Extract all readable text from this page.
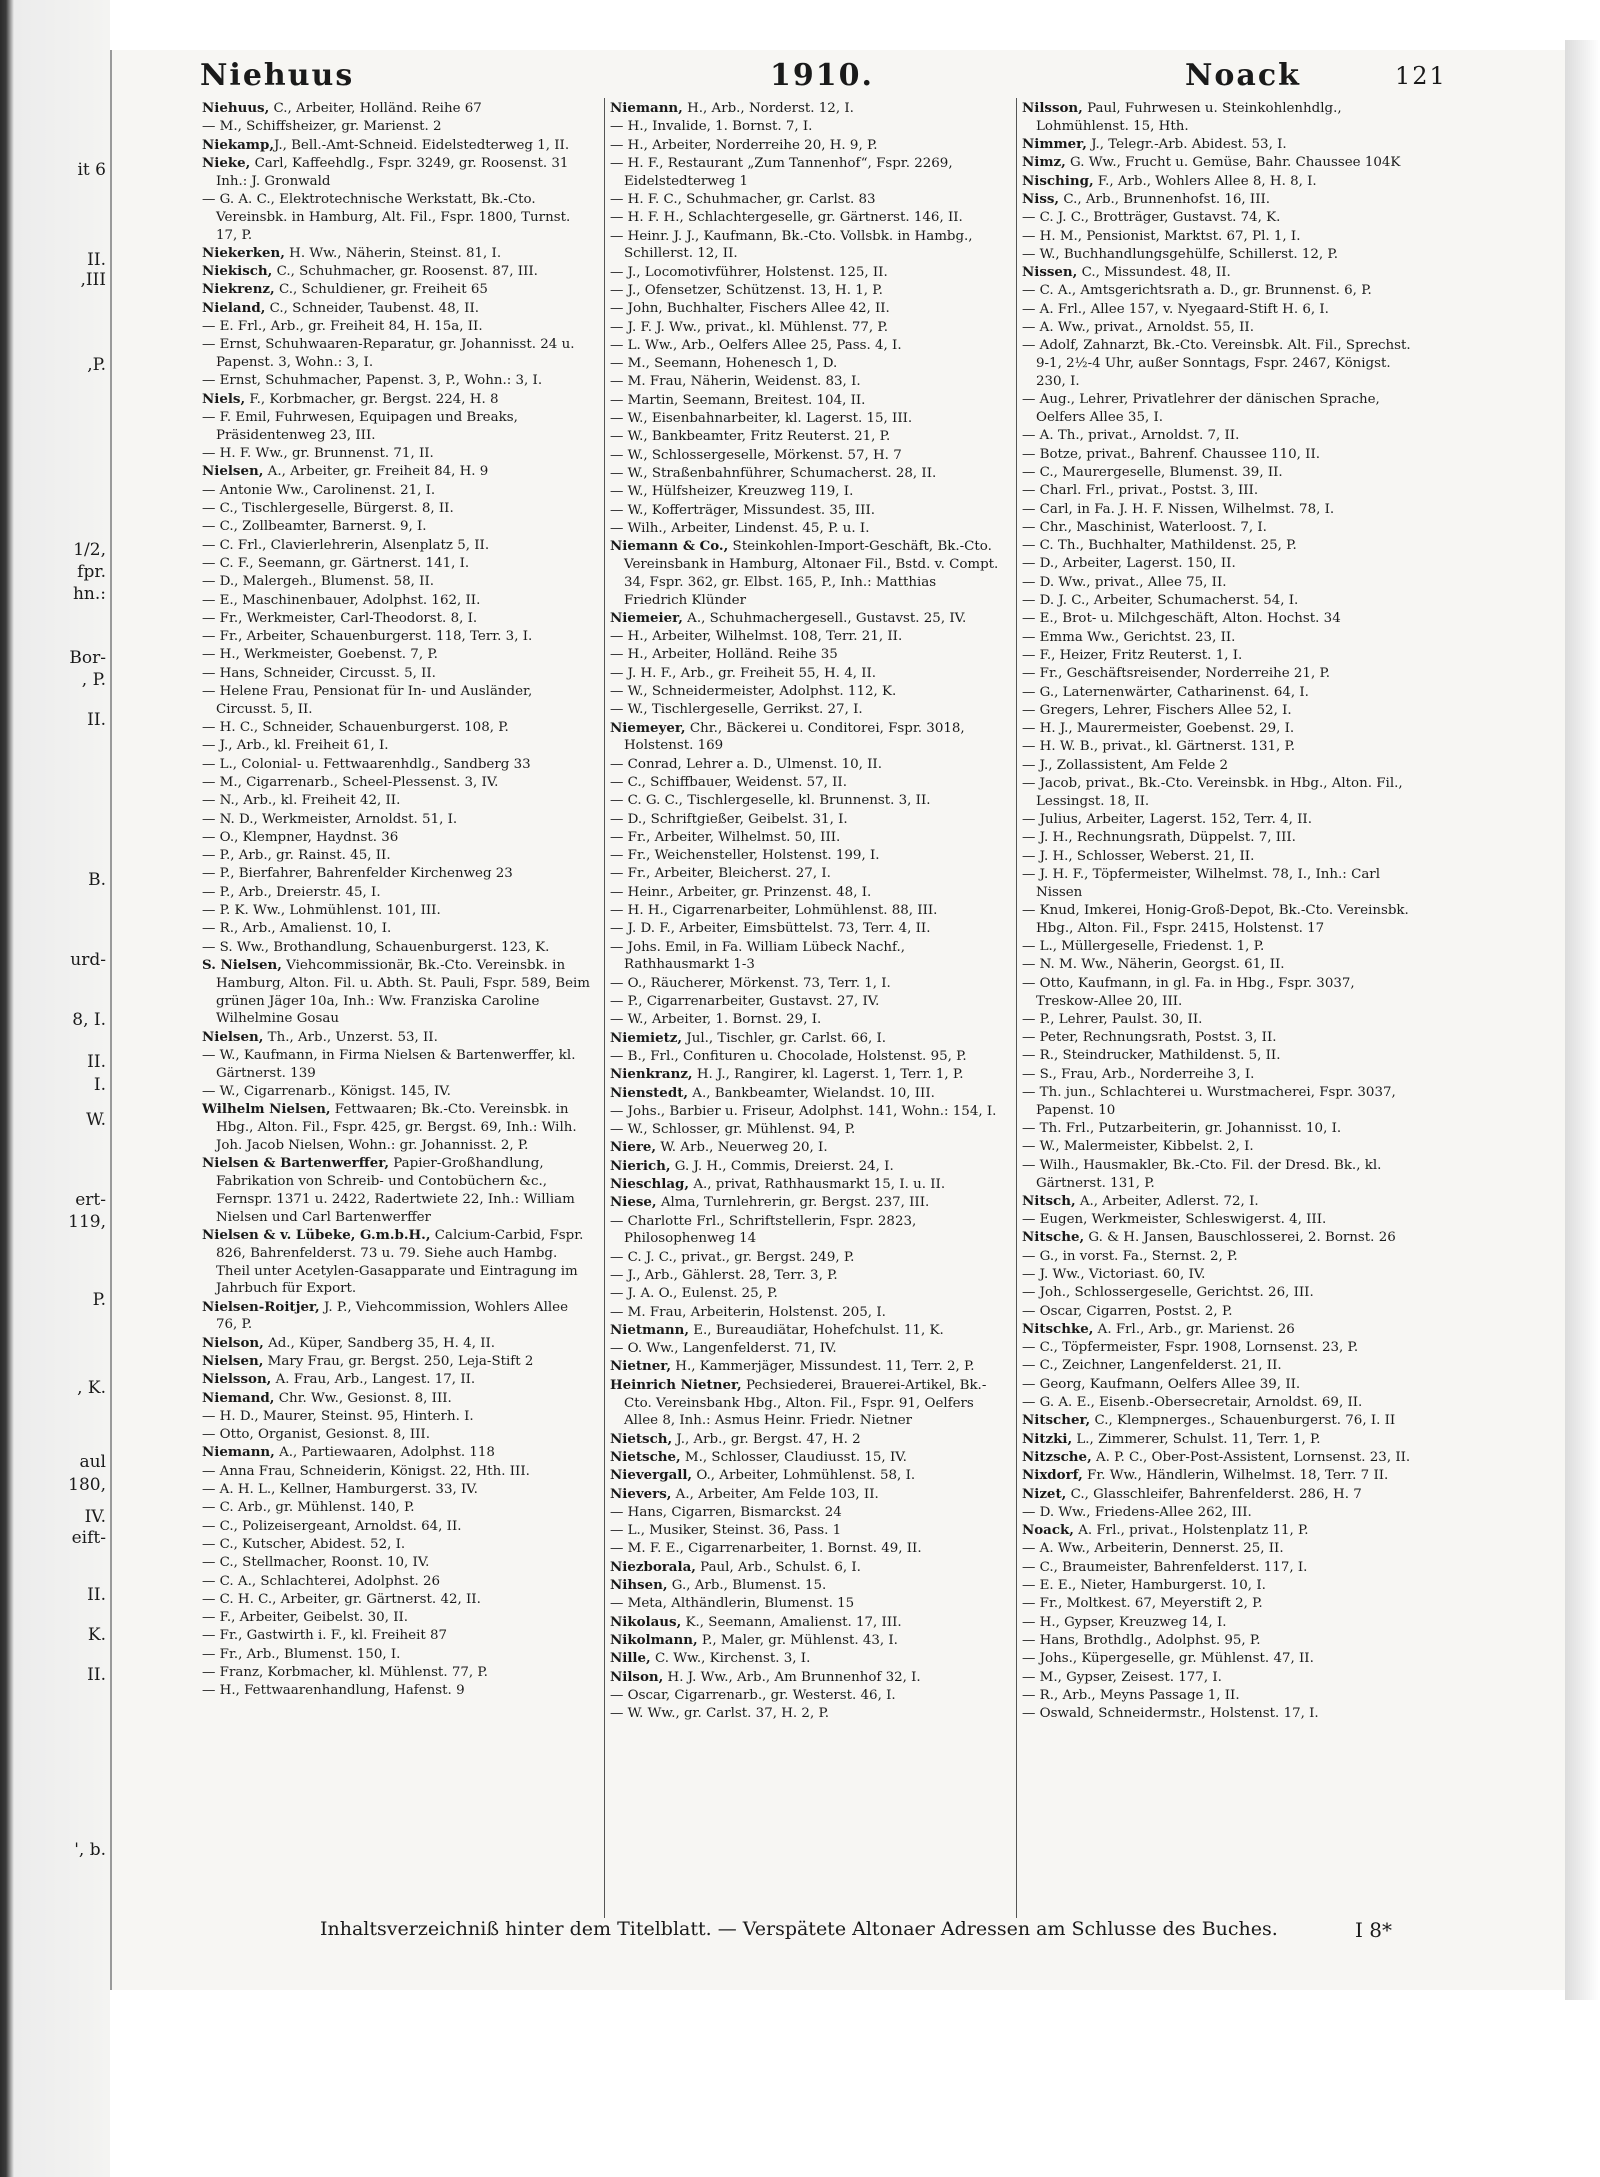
it 6
II.
,III
,P.
1/2,
fpr.
hn.:
Bor-
, P.
II.
B.
urd-
8, I.
II.
I.
W.
ert-
119,
P.
, K.
aul
180,
IV.
eift-
II.
K.
II.
', b.
Niehuus	1910.	Noack	121
Niehuus, C., Arbeiter, Holländ. Reihe 67
— M., Schiffsheizer, gr. Marienst. 2
Niekamp,J., Bell.-Amt-Schneid. Eidelstedterweg 1, II.
Nieke, Carl, Kaffeehdlg., Fspr. 3249, gr. Roosenst. 31 Inh.: J. Gronwald
— G. A. C., Elektrotechnische Werkstatt, Bk.-Cto. Vereinsbk. in Hamburg, Alt. Fil., Fspr. 1800, Turnst. 17, P.
Niekerken, H. Ww., Näherin, Steinst. 81, I.
Niekisch, C., Schuhmacher, gr. Roosenst. 87, III.
Niekrenz, C., Schuldiener, gr. Freiheit 65
Nieland, C., Schneider, Taubenst. 48, II.
— E. Frl., Arb., gr. Freiheit 84, H. 15a, II.
— Ernst, Schuhwaaren-Reparatur, gr. Johannisst. 24 u. Papenst. 3, Wohn.: 3, I.
— Ernst, Schuhmacher, Papenst. 3, P., Wohn.: 3, I.
Niels, F., Korbmacher, gr. Bergst. 224, H. 8
— F. Emil, Fuhrwesen, Equipagen und Breaks, Präsidentenweg 23, III.
— H. F. Ww., gr. Brunnenst. 71, II.
Nielsen, A., Arbeiter, gr. Freiheit 84, H. 9
— Antonie Ww., Carolinenst. 21, I.
— C., Tischlergeselle, Bürgerst. 8, II.
— C., Zollbeamter, Barnerst. 9, I.
— C. Frl., Clavierlehrerin, Alsenplatz 5, II.
— C. F., Seemann, gr. Gärtnerst. 141, I.
— D., Malergeh., Blumenst. 58, II.
— E., Maschinenbauer, Adolphst. 162, II.
— Fr., Werkmeister, Carl-Theodorst. 8, I.
— Fr., Arbeiter, Schauenburgerst. 118, Terr. 3, I.
— H., Werkmeister, Goebenst. 7, P.
— Hans, Schneider, Circusst. 5, II.
— Helene Frau, Pensionat für In- und Ausländer, Circusst. 5, II.
— H. C., Schneider, Schauenburgerst. 108, P.
— J., Arb., kl. Freiheit 61, I.
— L., Colonial- u. Fettwaarenhdlg., Sandberg 33
— M., Cigarrenarb., Scheel-Plessenst. 3, IV.
— N., Arb., kl. Freiheit 42, II.
— N. D., Werkmeister, Arnoldst. 51, I.
— O., Klempner, Haydnst. 36
— P., Arb., gr. Rainst. 45, II.
— P., Bierfahrer, Bahrenfelder Kirchenweg 23
— P., Arb., Dreierstr. 45, I.
— P. K. Ww., Lohmühlenst. 101, III.
— R., Arb., Amalienst. 10, I.
— S. Ww., Brothandlung, Schauenburgerst. 123, K.
S. Nielsen, Viehcommissionär, Bk.-Cto. Vereinsbk. in Hamburg, Alton. Fil. u. Abth. St. Pauli, Fspr. 589, Beim grünen Jäger 10a, Inh.: Ww. Franziska Caroline Wilhelmine Gosau
Nielsen, Th., Arb., Unzerst. 53, II.
— W., Kaufmann, in Firma Nielsen & Bartenwerffer, kl. Gärtnerst. 139
— W., Cigarrenarb., Königst. 145, IV.
Wilhelm Nielsen, Fettwaaren; Bk.-Cto. Vereinsbk. in Hbg., Alton. Fil., Fspr. 425, gr. Bergst. 69, Inh.: Wilh. Joh. Jacob Nielsen, Wohn.: gr. Johannisst. 2, P.
Nielsen & Bartenwerffer, Papier-Großhandlung, Fabrikation von Schreib- und Contobüchern &c., Fernspr. 1371 u. 2422, Radertwiete 22, Inh.: William Nielsen und Carl Bartenwerffer
Nielsen & v. Lübeke, G.m.b.H., Calcium-Carbid, Fspr. 826, Bahrenfelderst. 73 u. 79. Siehe auch Hambg. Theil unter Acetylen-Gasapparate und Eintragung im Jahrbuch für Export.
Nielsen-Roitjer, J. P., Viehcommission, Wohlers Allee 76, P.
Nielson, Ad., Küper, Sandberg 35, H. 4, II.
Nielsen, Mary Frau, gr. Bergst. 250, Leja-Stift 2
Nielsson, A. Frau, Arb., Langest. 17, II.
Niemand, Chr. Ww., Gesionst. 8, III.
— H. D., Maurer, Steinst. 95, Hinterh. I.
— Otto, Organist, Gesionst. 8, III.
Niemann, A., Partiewaaren, Adolphst. 118
— Anna Frau, Schneiderin, Königst. 22, Hth. III.
— A. H. L., Kellner, Hamburgerst. 33, IV.
— C. Arb., gr. Mühlenst. 140, P.
— C., Polizeisergeant, Arnoldst. 64, II.
— C., Kutscher, Abidest. 52, I.
— C., Stellmacher, Roonst. 10, IV.
— C. A., Schlachterei, Adolphst. 26
— C. H. C., Arbeiter, gr. Gärtnerst. 42, II.
— F., Arbeiter, Geibelst. 30, II.
— Fr., Gastwirth i. F., kl. Freiheit 87
— Fr., Arb., Blumenst. 150, I.
— Franz, Korbmacher, kl. Mühlenst. 77, P.
— H., Fettwaarenhandlung, Hafenst. 9
Niemann, H., Arb., Norderst. 12, I.
— H., Invalide, 1. Bornst. 7, I.
— H., Arbeiter, Norderreihe 20, H. 9, P.
— H. F., Restaurant „Zum Tannenhof“, Fspr. 2269, Eidelstedterweg 1
— H. F. C., Schuhmacher, gr. Carlst. 83
— H. F. H., Schlachtergeselle, gr. Gärtnerst. 146, II.
— Heinr. J. J., Kaufmann, Bk.-Cto. Vollsbk. in Hambg., Schillerst. 12, II.
— J., Locomotivführer, Holstenst. 125, II.
— J., Ofensetzer, Schützenst. 13, H. 1, P.
— John, Buchhalter, Fischers Allee 42, II.
— J. F. J. Ww., privat., kl. Mühlenst. 77, P.
— L. Ww., Arb., Oelfers Allee 25, Pass. 4, I.
— M., Seemann, Hohenesch 1, D.
— M. Frau, Näherin, Weidenst. 83, I.
— Martin, Seemann, Breitest. 104, II.
— W., Eisenbahnarbeiter, kl. Lagerst. 15, III.
— W., Bankbeamter, Fritz Reuterst. 21, P.
— W., Schlossergeselle, Mörkenst. 57, H. 7
— W., Straßenbahnführer, Schumacherst. 28, II.
— W., Hülfsheizer, Kreuzweg 119, I.
— W., Kofferträger, Missundest. 35, III.
— Wilh., Arbeiter, Lindenst. 45, P. u. I.
Niemann & Co., Steinkohlen-Import-Geschäft, Bk.-Cto. Vereinsbank in Hamburg, Altonaer Fil., Bstd. v. Compt. 34, Fspr. 362, gr. Elbst. 165, P., Inh.: Matthias Friedrich Klünder
Niemeier, A., Schuhmachergesell., Gustavst. 25, IV.
— H., Arbeiter, Wilhelmst. 108, Terr. 21, II.
— H., Arbeiter, Holländ. Reihe 35
— J. H. F., Arb., gr. Freiheit 55, H. 4, II.
— W., Schneidermeister, Adolphst. 112, K.
— W., Tischlergeselle, Gerrikst. 27, I.
Niemeyer, Chr., Bäckerei u. Conditorei, Fspr. 3018, Holstenst. 169
— Conrad, Lehrer a. D., Ulmenst. 10, II.
— C., Schiffbauer, Weidenst. 57, II.
— C. G. C., Tischlergeselle, kl. Brunnenst. 3, II.
— D., Schriftgießer, Geibelst. 31, I.
— Fr., Arbeiter, Wilhelmst. 50, III.
— Fr., Weichensteller, Holstenst. 199, I.
— Fr., Arbeiter, Bleicherst. 27, I.
— Heinr., Arbeiter, gr. Prinzenst. 48, I.
— H. H., Cigarrenarbeiter, Lohmühlenst. 88, III.
— J. D. F., Arbeiter, Eimsbüttelst. 73, Terr. 4, II.
— Johs. Emil, in Fa. William Lübeck Nachf., Rathhausmarkt 1-3
— O., Räucherer, Mörkenst. 73, Terr. 1, I.
— P., Cigarrenarbeiter, Gustavst. 27, IV.
— W., Arbeiter, 1. Bornst. 29, I.
Niemietz, Jul., Tischler, gr. Carlst. 66, I.
— B., Frl., Confituren u. Chocolade, Holstenst. 95, P.
Nienkranz, H. J., Rangirer, kl. Lagerst. 1, Terr. 1, P.
Nienstedt, A., Bankbeamter, Wielandst. 10, III.
— Johs., Barbier u. Friseur, Adolphst. 141, Wohn.: 154, I.
— W., Schlosser, gr. Mühlenst. 94, P.
Niere, W. Arb., Neuerweg 20, I.
Nierich, G. J. H., Commis, Dreierst. 24, I.
Nieschlag, A., privat, Rathhausmarkt 15, I. u. II.
Niese, Alma, Turnlehrerin, gr. Bergst. 237, III.
— Charlotte Frl., Schriftstellerin, Fspr. 2823, Philosophenweg 14
— C. J. C., privat., gr. Bergst. 249, P.
— J., Arb., Gählerst. 28, Terr. 3, P.
— J. A. O., Eulenst. 25, P.
— M. Frau, Arbeiterin, Holstenst. 205, I.
Nietmann, E., Bureaudiätar, Hohefchulst. 11, K.
— O. Ww., Langenfelderst. 71, IV.
Nietner, H., Kammerjäger, Missundest. 11, Terr. 2, P.
Heinrich Nietner, Pechsiederei, Brauerei-Artikel, Bk.-Cto. Vereinsbank Hbg., Alton. Fil., Fspr. 91, Oelfers Allee 8, Inh.: Asmus Heinr. Friedr. Nietner
Nietsch, J., Arb., gr. Bergst. 47, H. 2
Nietsche, M., Schlosser, Claudiusst. 15, IV.
Nievergall, O., Arbeiter, Lohmühlenst. 58, I.
Nievers, A., Arbeiter, Am Felde 103, II.
— Hans, Cigarren, Bismarckst. 24
— L., Musiker, Steinst. 36, Pass. 1
— M. F. E., Cigarrenarbeiter, 1. Bornst. 49, II.
Niezborala, Paul, Arb., Schulst. 6, I.
Nihsen, G., Arb., Blumenst. 15.
— Meta, Althändlerin, Blumenst. 15
Nikolaus, K., Seemann, Amalienst. 17, III.
Nikolmann, P., Maler, gr. Mühlenst. 43, I.
Nille, C. Ww., Kirchenst. 3, I.
Nilson, H. J. Ww., Arb., Am Brunnenhof 32, I.
— Oscar, Cigarrenarb., gr. Westerst. 46, I.
— W. Ww., gr. Carlst. 37, H. 2, P.
Nilsson, Paul, Fuhrwesen u. Steinkohlenhdlg., Lohmühlenst. 15, Hth.
Nimmer, J., Telegr.-Arb. Abidest. 53, I.
Nimz, G. Ww., Frucht u. Gemüse, Bahr. Chaussee 104K
Nisching, F., Arb., Wohlers Allee 8, H. 8, I.
Niss, C., Arb., Brunnenhofst. 16, III.
— C. J. C., Brotträger, Gustavst. 74, K.
— H. M., Pensionist, Marktst. 67, Pl. 1, I.
— W., Buchhandlungsgehülfe, Schillerst. 12, P.
Nissen, C., Missundest. 48, II.
— C. A., Amtsgerichtsrath a. D., gr. Brunnenst. 6, P.
— A. Frl., Allee 157, v. Nyegaard-Stift H. 6, I.
— A. Ww., privat., Arnoldst. 55, II.
— Adolf, Zahnarzt, Bk.-Cto. Vereinsbk. Alt. Fil., Sprechst. 9-1, 2½-4 Uhr, außer Sonntags, Fspr. 2467, Königst. 230, I.
— Aug., Lehrer, Privatlehrer der dänischen Sprache, Oelfers Allee 35, I.
— A. Th., privat., Arnoldst. 7, II.
— Botze, privat., Bahrenf. Chaussee 110, II.
— C., Maurergeselle, Blumenst. 39, II.
— Charl. Frl., privat., Postst. 3, III.
— Carl, in Fa. J. H. F. Nissen, Wilhelmst. 78, I.
— Chr., Maschinist, Waterloost. 7, I.
— C. Th., Buchhalter, Mathildenst. 25, P.
— D., Arbeiter, Lagerst. 150, II.
— D. Ww., privat., Allee 75, II.
— D. J. C., Arbeiter, Schumacherst. 54, I.
— E., Brot- u. Milchgeschäft, Alton. Hochst. 34
— Emma Ww., Gerichtst. 23, II.
— F., Heizer, Fritz Reuterst. 1, I.
— Fr., Geschäftsreisender, Norderreihe 21, P.
— G., Laternenwärter, Catharinenst. 64, I.
— Gregers, Lehrer, Fischers Allee 52, I.
— H. J., Maurermeister, Goebenst. 29, I.
— H. W. B., privat., kl. Gärtnerst. 131, P.
— J., Zollassistent, Am Felde 2
— Jacob, privat., Bk.-Cto. Vereinsbk. in Hbg., Alton. Fil., Lessingst. 18, II.
— Julius, Arbeiter, Lagerst. 152, Terr. 4, II.
— J. H., Rechnungsrath, Düppelst. 7, III.
— J. H., Schlosser, Weberst. 21, II.
— J. H. F., Töpfermeister, Wilhelmst. 78, I., Inh.: Carl Nissen
— Knud, Imkerei, Honig-Groß-Depot, Bk.-Cto. Vereinsbk. Hbg., Alton. Fil., Fspr. 2415, Holstenst. 17
— L., Müllergeselle, Friedenst. 1, P.
— N. M. Ww., Näherin, Georgst. 61, II.
— Otto, Kaufmann, in gl. Fa. in Hbg., Fspr. 3037, Treskow-Allee 20, III.
— P., Lehrer, Paulst. 30, II.
— Peter, Rechnungsrath, Postst. 3, II.
— R., Steindrucker, Mathildenst. 5, II.
— S., Frau, Arb., Norderreihe 3, I.
— Th. jun., Schlachterei u. Wurstmacherei, Fspr. 3037, Papenst. 10
— Th. Frl., Putzarbeiterin, gr. Johannisst. 10, I.
— W., Malermeister, Kibbelst. 2, I.
— Wilh., Hausmakler, Bk.-Cto. Fil. der Dresd. Bk., kl. Gärtnerst. 131, P.
Nitsch, A., Arbeiter, Adlerst. 72, I.
— Eugen, Werkmeister, Schleswigerst. 4, III.
Nitsche, G. & H. Jansen, Bauschlosserei, 2. Bornst. 26
— G., in vorst. Fa., Sternst. 2, P.
— J. Ww., Victoriast. 60, IV.
— Joh., Schlossergeselle, Gerichtst. 26, III.
— Oscar, Cigarren, Postst. 2, P.
Nitschke, A. Frl., Arb., gr. Marienst. 26
— C., Töpfermeister, Fspr. 1908, Lornsenst. 23, P.
— C., Zeichner, Langenfelderst. 21, II.
— Georg, Kaufmann, Oelfers Allee 39, II.
— G. A. E., Eisenb.-Obersecretair, Arnoldst. 69, II.
Nitscher, C., Klempnerges., Schauenburgerst. 76, I. II
Nitzki, L., Zimmerer, Schulst. 11, Terr. 1, P.
Nitzsche, A. P. C., Ober-Post-Assistent, Lornsenst. 23, II.
Nixdorf, Fr. Ww., Händlerin, Wilhelmst. 18, Terr. 7 II.
Nizet, C., Glasschleifer, Bahrenfelderst. 286, H. 7
— D. Ww., Friedens-Allee 262, III.
Noack, A. Frl., privat., Holstenplatz 11, P.
— A. Ww., Arbeiterin, Dennerst. 25, II.
— C., Braumeister, Bahrenfelderst. 117, I.
— E. E., Nieter, Hamburgerst. 10, I.
— Fr., Moltkest. 67, Meyerstift 2, P.
— H., Gypser, Kreuzweg 14, I.
— Hans, Brothdlg., Adolphst. 95, P.
— Johs., Küpergeselle, gr. Mühlenst. 47, II.
— M., Gypser, Zeisest. 177, I.
— R., Arb., Meyns Passage 1, II.
— Oswald, Schneidermstr., Holstenst. 17, I.
Inhaltsverzeichniß hinter dem Titelblatt. — Verspätete Altonaer Adressen am Schlusse des Buches.	I 8*
